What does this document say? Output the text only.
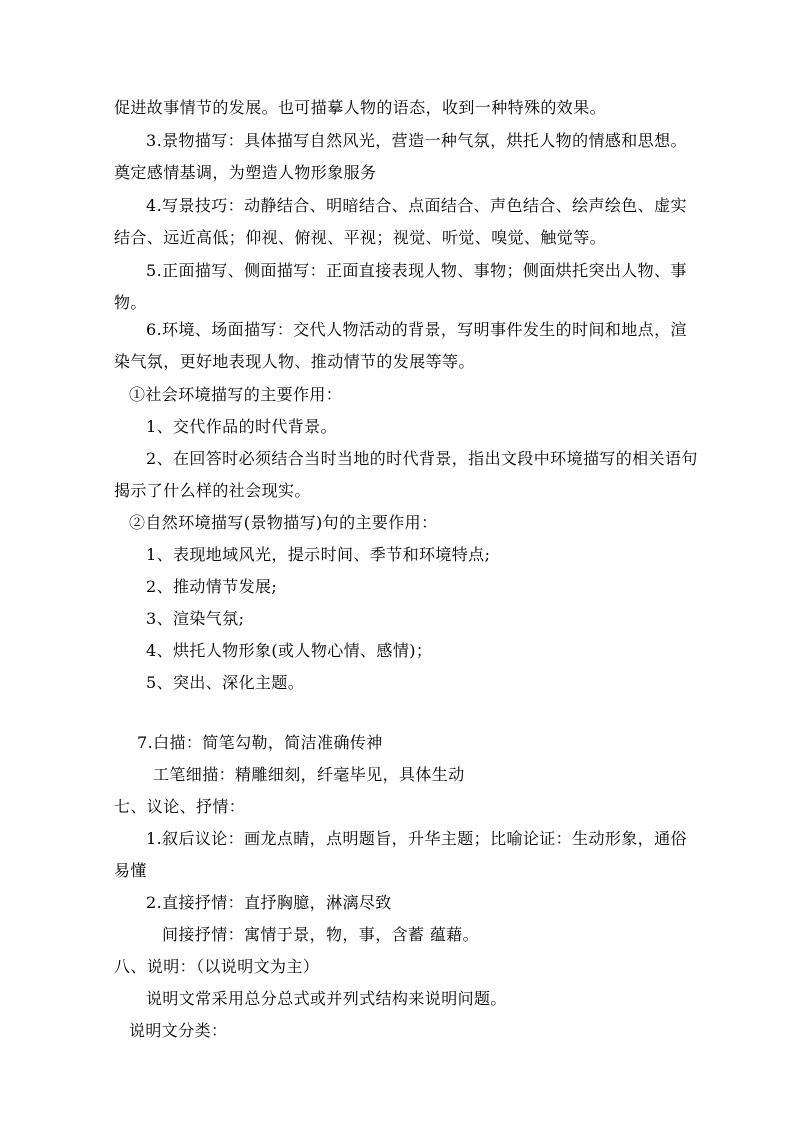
促进故事情节的发展。也可描摹人物的语态，收到一种特殊的效果。
3.景物描写：具体描写自然风光，营造一种气氛，烘托人物的情感和思想。
奠定感情基调，为塑造人物形象服务
4.写景技巧：动静结合、明暗结合、点面结合、声色结合、绘声绘色、虚实
结合、远近高低；仰视、俯视、平视；视觉、听觉、嗅觉、触觉等。
5.正面描写、侧面描写：正面直接表现人物、事物；侧面烘托突出人物、事
物。
6.环境、场面描写：交代人物活动的背景，写明事件发生的时间和地点，渲
染气氛，更好地表现人物、推动情节的发展等等。
①社会环境描写的主要作用：
1、交代作品的时代背景。
2、在回答时必须结合当时当地的时代背景，指出文段中环境描写的相关语句
揭示了什么样的社会现实。
②自然环境描写(景物描写)句的主要作用：
1、表现地域风光，提示时间、季节和环境特点;
2、推动情节发展;
3、渲染气氛;
4、烘托人物形象(或人物心情、感情)；
5、突出、深化主题。
7.白描：简笔勾勒，简洁准确传神
工笔细描：精雕细刻，纤毫毕见，具体生动
七、议论、抒情：
1.叙后议论：画龙点睛，点明题旨，升华主题；比喻论证：生动形象，通俗
易懂
2.直接抒情：直抒胸臆，淋漓尽致
间接抒情：寓情于景，物，事，含蓄 蕴藉。
八、说明：（以说明文为主）
说明文常采用总分总式或并列式结构来说明问题。
说明文分类：
